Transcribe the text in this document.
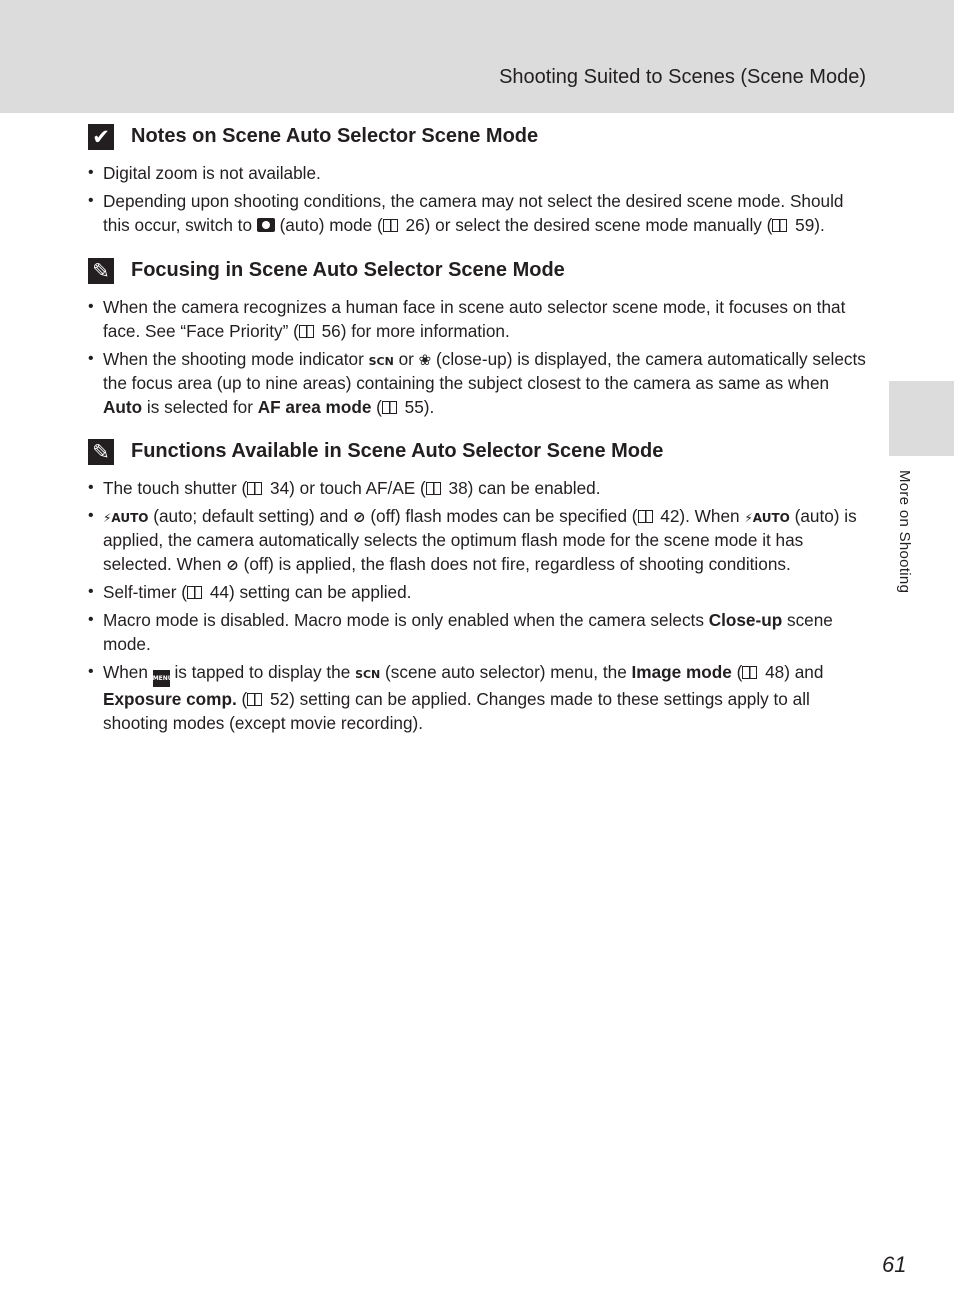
Shooting Suited to Scenes (Scene Mode)
More on Shooting
✔ Notes on Scene Auto Selector Scene Mode
• Digital zoom is not available.
• Depending upon shooting conditions, the camera may not select the desired scene mode. Should this occur, switch to  (auto) mode ( 26) or select the desired scene mode manually ( 59).
✎ Focusing in Scene Auto Selector Scene Mode
• When the camera recognizes a human face in scene auto selector scene mode, it focuses on that face. See “Face Priority” ( 56) for more information.
• When the shooting mode indicator SCN or ❀ (close-up) is displayed, the camera automatically selects the focus area (up to nine areas) containing the subject closest to the camera as same as when Auto is selected for AF area mode ( 55).
✎ Functions Available in Scene Auto Selector Scene Mode
• The touch shutter ( 34) or touch AF/AE ( 38) can be enabled.
• ⚡AUTO (auto; default setting) and ⊘ (off) flash modes can be specified ( 42). When ⚡AUTO (auto) is applied, the camera automatically selects the optimum flash mode for the scene mode it has selected. When ⊘ (off) is applied, the flash does not fire, regardless of shooting conditions.
• Self-timer ( 44) setting can be applied.
• Macro mode is disabled. Macro mode is only enabled when the camera selects Close-up scene mode.
• When MENU is tapped to display the SCN (scene auto selector) menu, the Image mode ( 48) and Exposure comp. ( 52) setting can be applied. Changes made to these settings apply to all shooting modes (except movie recording).
61
